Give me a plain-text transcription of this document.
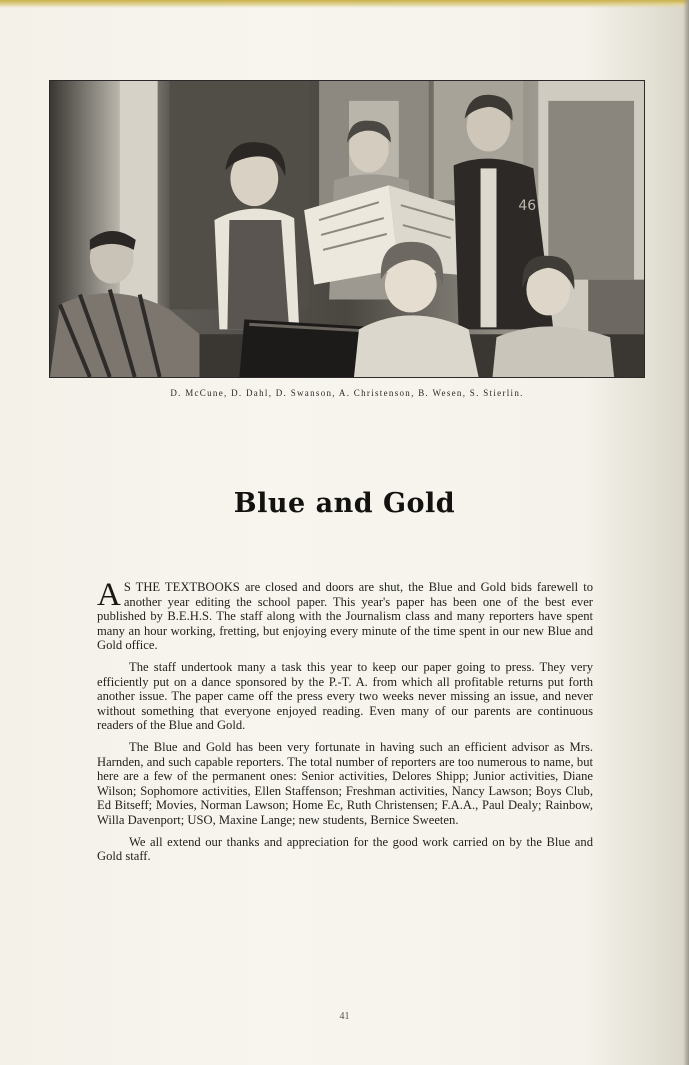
46
D. McCune, D. Dahl, D. Swanson, A. Christenson, B. Wesen, S. Stierlin.
Blue and Gold

A S THE TEXTBOOKS are closed and doors are shut, the Blue and Gold bids farewell to another year editing the school paper. This year's paper has been one of the best ever published by B.E.H.S. The staff along with the Journalism class and many reporters have spent many an hour working, fretting, but enjoying every minute of the time spent in our new Blue and Gold office.

The staff undertook many a task this year to keep our paper going to press. They very efficiently put on a dance sponsored by the P.-T. A. from which all profitable returns put forth another issue. The paper came off the press every two weeks never missing an issue, and never without something that everyone enjoyed reading. Even many of our parents are continuous readers of the Blue and Gold.

The Blue and Gold has been very fortunate in having such an efficient advisor as Mrs. Harnden, and such capable reporters. The total number of reporters are too numerous to name, but here are a few of the permanent ones: Senior activities, Delores Shipp; Junior activities, Diane Wilson; Sophomore activities, Ellen Staffenson; Freshman activities, Nancy Lawson; Boys Club, Ed Bitseff; Movies, Norman Lawson; Home Ec, Ruth Christensen; F.A.A., Paul Dealy; Rainbow, Willa Davenport; USO, Maxine Lange; new students, Bernice Sweeten.

We all extend our thanks and appreciation for the good work carried on by the Blue and Gold staff.

41
